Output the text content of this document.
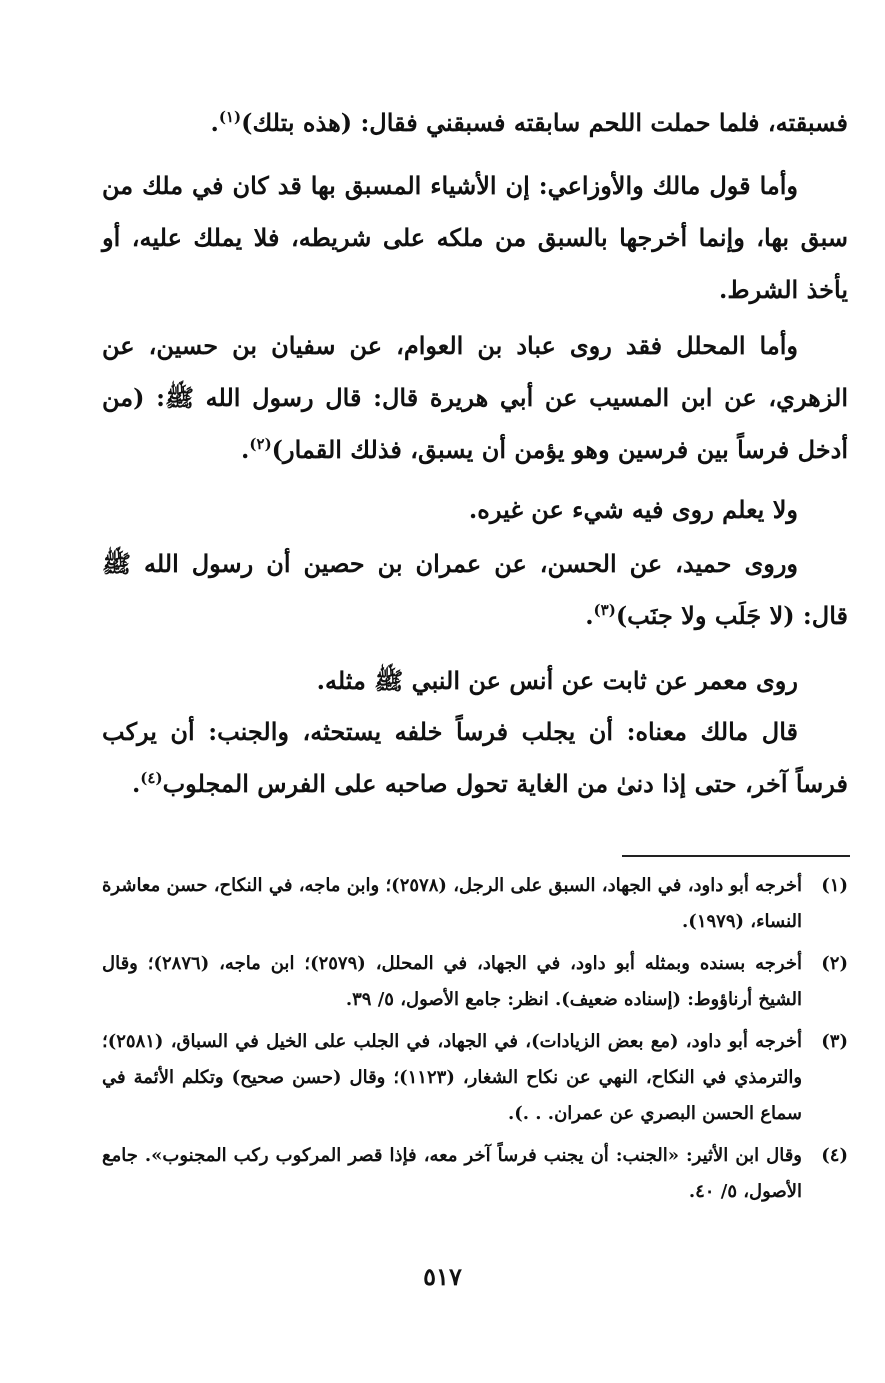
فسبقته، فلما حملت اللحم سابقته فسبقني فقال: (هذه بتلك)$^{(١)}$.

وأما قول مالك والأوزاعي: إن الأشياء المسبق بها قد كان في ملك من سبق بها، وإنما أخرجها بالسبق من ملكه على شريطه، فلا يملك عليه، أو يأخذ الشرط.

وأما المحلل فقد روى عباد بن العوام، عن سفيان بن حسين، عن الزهري، عن ابن المسيب عن أبي هريرة قال: قال رسول الله ﷺ: (من أدخل فرساً بين فرسين وهو يؤمن أن يسبق، فذلك القمار)$^{(٢)}$.

ولا يعلم روى فيه شيء عن غيره.

وروى حميد، عن الحسن، عن عمران بن حصين أن رسول الله ﷺ قال: (لا جَلَب ولا جنَب)$^{(٣)}$.

روى معمر عن ثابت عن أنس عن النبي ﷺ مثله.

قال مالك معناه: أن يجلب فرساً خلفه يستحثه، والجنب: أن يركب فرساً آخر، حتى إذا دنىٰ من الغاية تحول صاحبه على الفرس المجلوب$^{(٤)}$.

(١)
أخرجه أبو داود، في الجهاد، السبق على الرجل، (٢٥٧٨)؛ وابن ماجه، في النكاح، حسن معاشرة النساء، (١٩٧٩).
(٢)
أخرجه بسنده وبمثله أبو داود، في الجهاد، في المحلل، (٢٥٧٩)؛ ابن ماجه، (٢٨٧٦)؛ وقال الشيخ أرناؤوط: (إسناده ضعيف). انظر: جامع الأصول، ٥/ ٣٩.
(٣)
أخرجه أبو داود، (مع بعض الزيادات)، في الجهاد، في الجلب على الخيل في السباق، (٢٥٨١)؛ والترمذي في النكاح، النهي عن نكاح الشغار، (١١٢٣)؛ وقال (حسن صحيح) وتكلم الأئمة في سماع الحسن البصري عن عمران. . .).
(٤)
وقال ابن الأثير: «الجنب: أن يجنب فرساً آخر معه، فإذا قصر المركوب ركب المجنوب». جامع الأصول، ٥/ ٤٠.
٥١٧
